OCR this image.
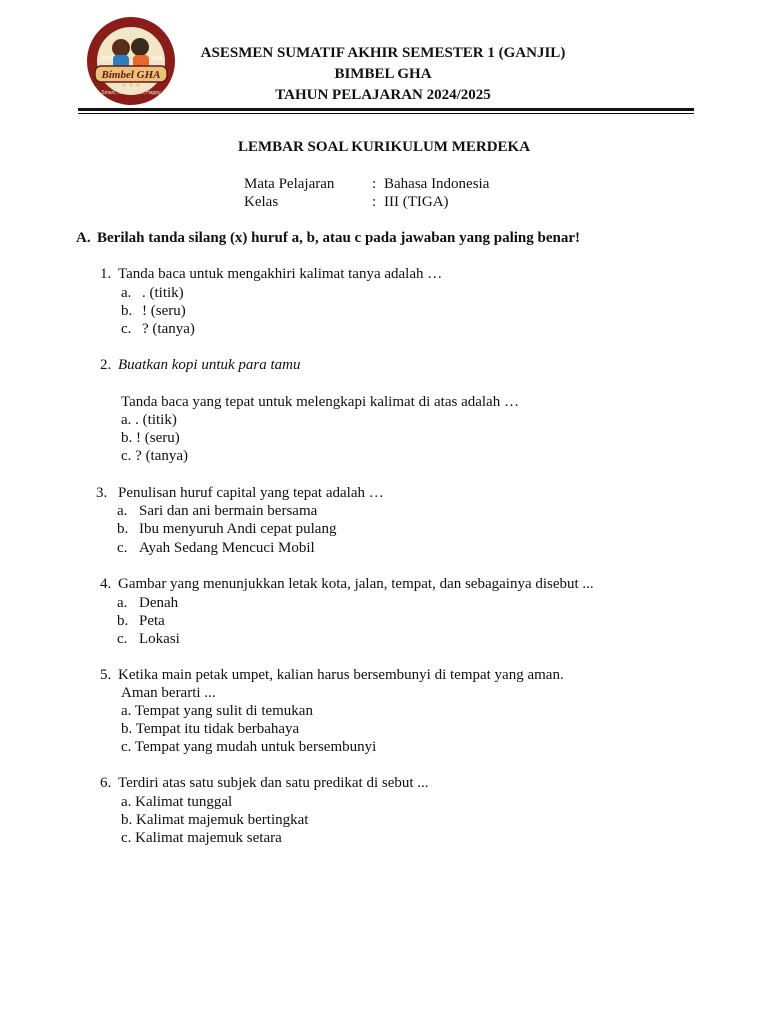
Bimbel GHA
2019	2016
Smart, Kind, Brave, Happy
★ ★ ★
ASESMEN SUMATIF AKHIR SEMESTER 1 (GANJIL)
BIMBEL GHA
TAHUN PELAJARAN 2024/2025
LEMBAR SOAL KURIKULUM MERDEKA
Mata Pelajaran	: Bahasa Indonesia
Kelas	: III (TIGA)
A. Berilah tanda silang (x) huruf a, b, atau c pada jawaban yang paling benar!
1. Tanda baca untuk mengakhiri kalimat tanya adalah …
a. . (titik)
b. ! (seru)
c. ? (tanya)
2. Buatkan kopi untuk para tamu
Tanda baca yang tepat untuk melengkapi kalimat di atas adalah …
a. . (titik)
b. ! (seru)
c. ? (tanya)
3. Penulisan huruf capital yang tepat adalah …
a. Sari dan ani bermain bersama
b. Ibu menyuruh Andi cepat pulang
c. Ayah Sedang Mencuci Mobil
4. Gambar yang menunjukkan letak kota, jalan, tempat, dan sebagainya disebut ...
a. Denah
b. Peta
c. Lokasi
5. Ketika main petak umpet, kalian harus bersembunyi di tempat yang aman.
Aman berarti ...
a. Tempat yang sulit di temukan
b. Tempat itu tidak berbahaya
c. Tempat yang mudah untuk bersembunyi
6. Terdiri atas satu subjek dan satu predikat di sebut ...
a. Kalimat tunggal
b. Kalimat majemuk bertingkat
c. Kalimat majemuk setara
